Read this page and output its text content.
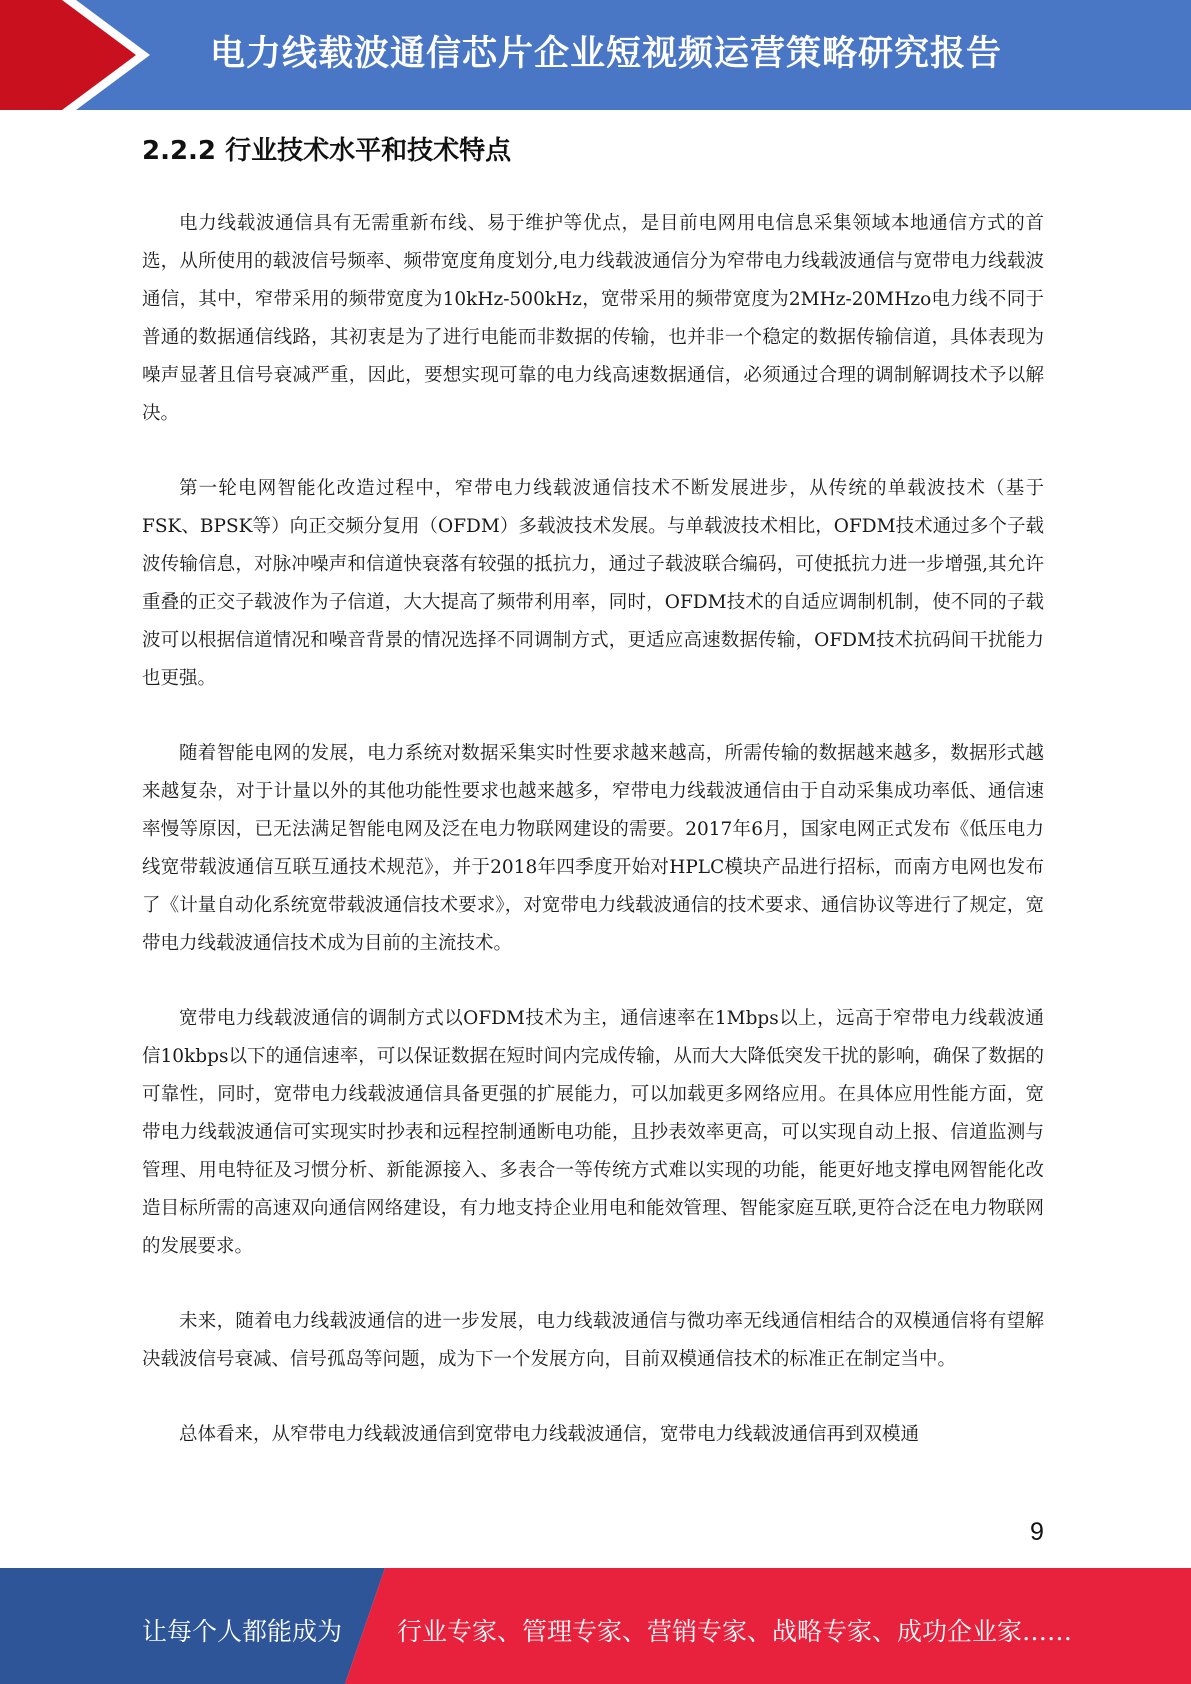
电力线载波通信芯片企业短视频运营策略研究报告
2.2.2 行业技术水平和技术特点

电力线载波通信具有无需重新布线、易于维护等优点，是目前电网用电信息采集领域本地通信方式的首选，从所使用的载波信号频率、频带宽度角度划分,电力线载波通信分为窄带电力线载波通信与宽带电力线载波通信，其中，窄带采用的频带宽度为10kHz-500kHz，宽带采用的频带宽度为2MHz-20MHzo电力线不同于普通的数据通信线路，其初衷是为了进行电能而非数据的传输，也并非一个稳定的数据传输信道，具体表现为噪声显著且信号衰减严重，因此，要想实现可靠的电力线高速数据通信，必须通过合理的调制解调技术予以解决。

第一轮电网智能化改造过程中，窄带电力线载波通信技术不断发展进步，从传统的单载波技术（基于FSK、BPSK等）向正交频分复用（OFDM）多载波技术发展。与单载波技术相比，OFDM技术通过多个子载波传输信息，对脉冲噪声和信道快衰落有较强的抵抗力，通过子载波联合编码，可使抵抗力进一步增强,其允许重叠的正交子载波作为子信道，大大提高了频带利用率，同时，OFDM技术的自适应调制机制，使不同的子载波可以根据信道情况和噪音背景的情况选择不同调制方式，更适应高速数据传输，OFDM技术抗码间干扰能力也更强。

随着智能电网的发展，电力系统对数据采集实时性要求越来越高，所需传输的数据越来越多，数据形式越来越复杂，对于计量以外的其他功能性要求也越来越多，窄带电力线载波通信由于自动采集成功率低、通信速率慢等原因，已无法满足智能电网及泛在电力物联网建设的需要。2017年6月，国家电网正式发布《低压电力线宽带载波通信互联互通技术规范》，并于2018年四季度开始对HPLC模块产品进行招标，而南方电网也发布了《计量自动化系统宽带载波通信技术要求》，对宽带电力线载波通信的技术要求、通信协议等进行了规定，宽带电力线载波通信技术成为目前的主流技术。

宽带电力线载波通信的调制方式以OFDM技术为主，通信速率在1Mbps以上，远高于窄带电力线载波通信10kbps以下的通信速率，可以保证数据在短时间内完成传输，从而大大降低突发干扰的影响，确保了数据的可靠性，同时，宽带电力线载波通信具备更强的扩展能力，可以加载更多网络应用。在具体应用性能方面，宽带电力线载波通信可实现实时抄表和远程控制通断电功能，且抄表效率更高，可以实现自动上报、信道监测与管理、用电特征及习惯分析、新能源接入、多表合一等传统方式难以实现的功能，能更好地支撑电网智能化改造目标所需的高速双向通信网络建设，有力地支持企业用电和能效管理、智能家庭互联,更符合泛在电力物联网的发展要求。

未来，随着电力线载波通信的进一步发展，电力线载波通信与微功率无线通信相结合的双模通信将有望解决载波信号衰减、信号孤岛等问题，成为下一个发展方向，目前双模通信技术的标准正在制定当中。

总体看来，从窄带电力线载波通信到宽带电力线载波通信，宽带电力线载波通信再到双模通

9
让每个人都能成为 行业专家、管理专家、营销专家、战略专家、成功企业家……
